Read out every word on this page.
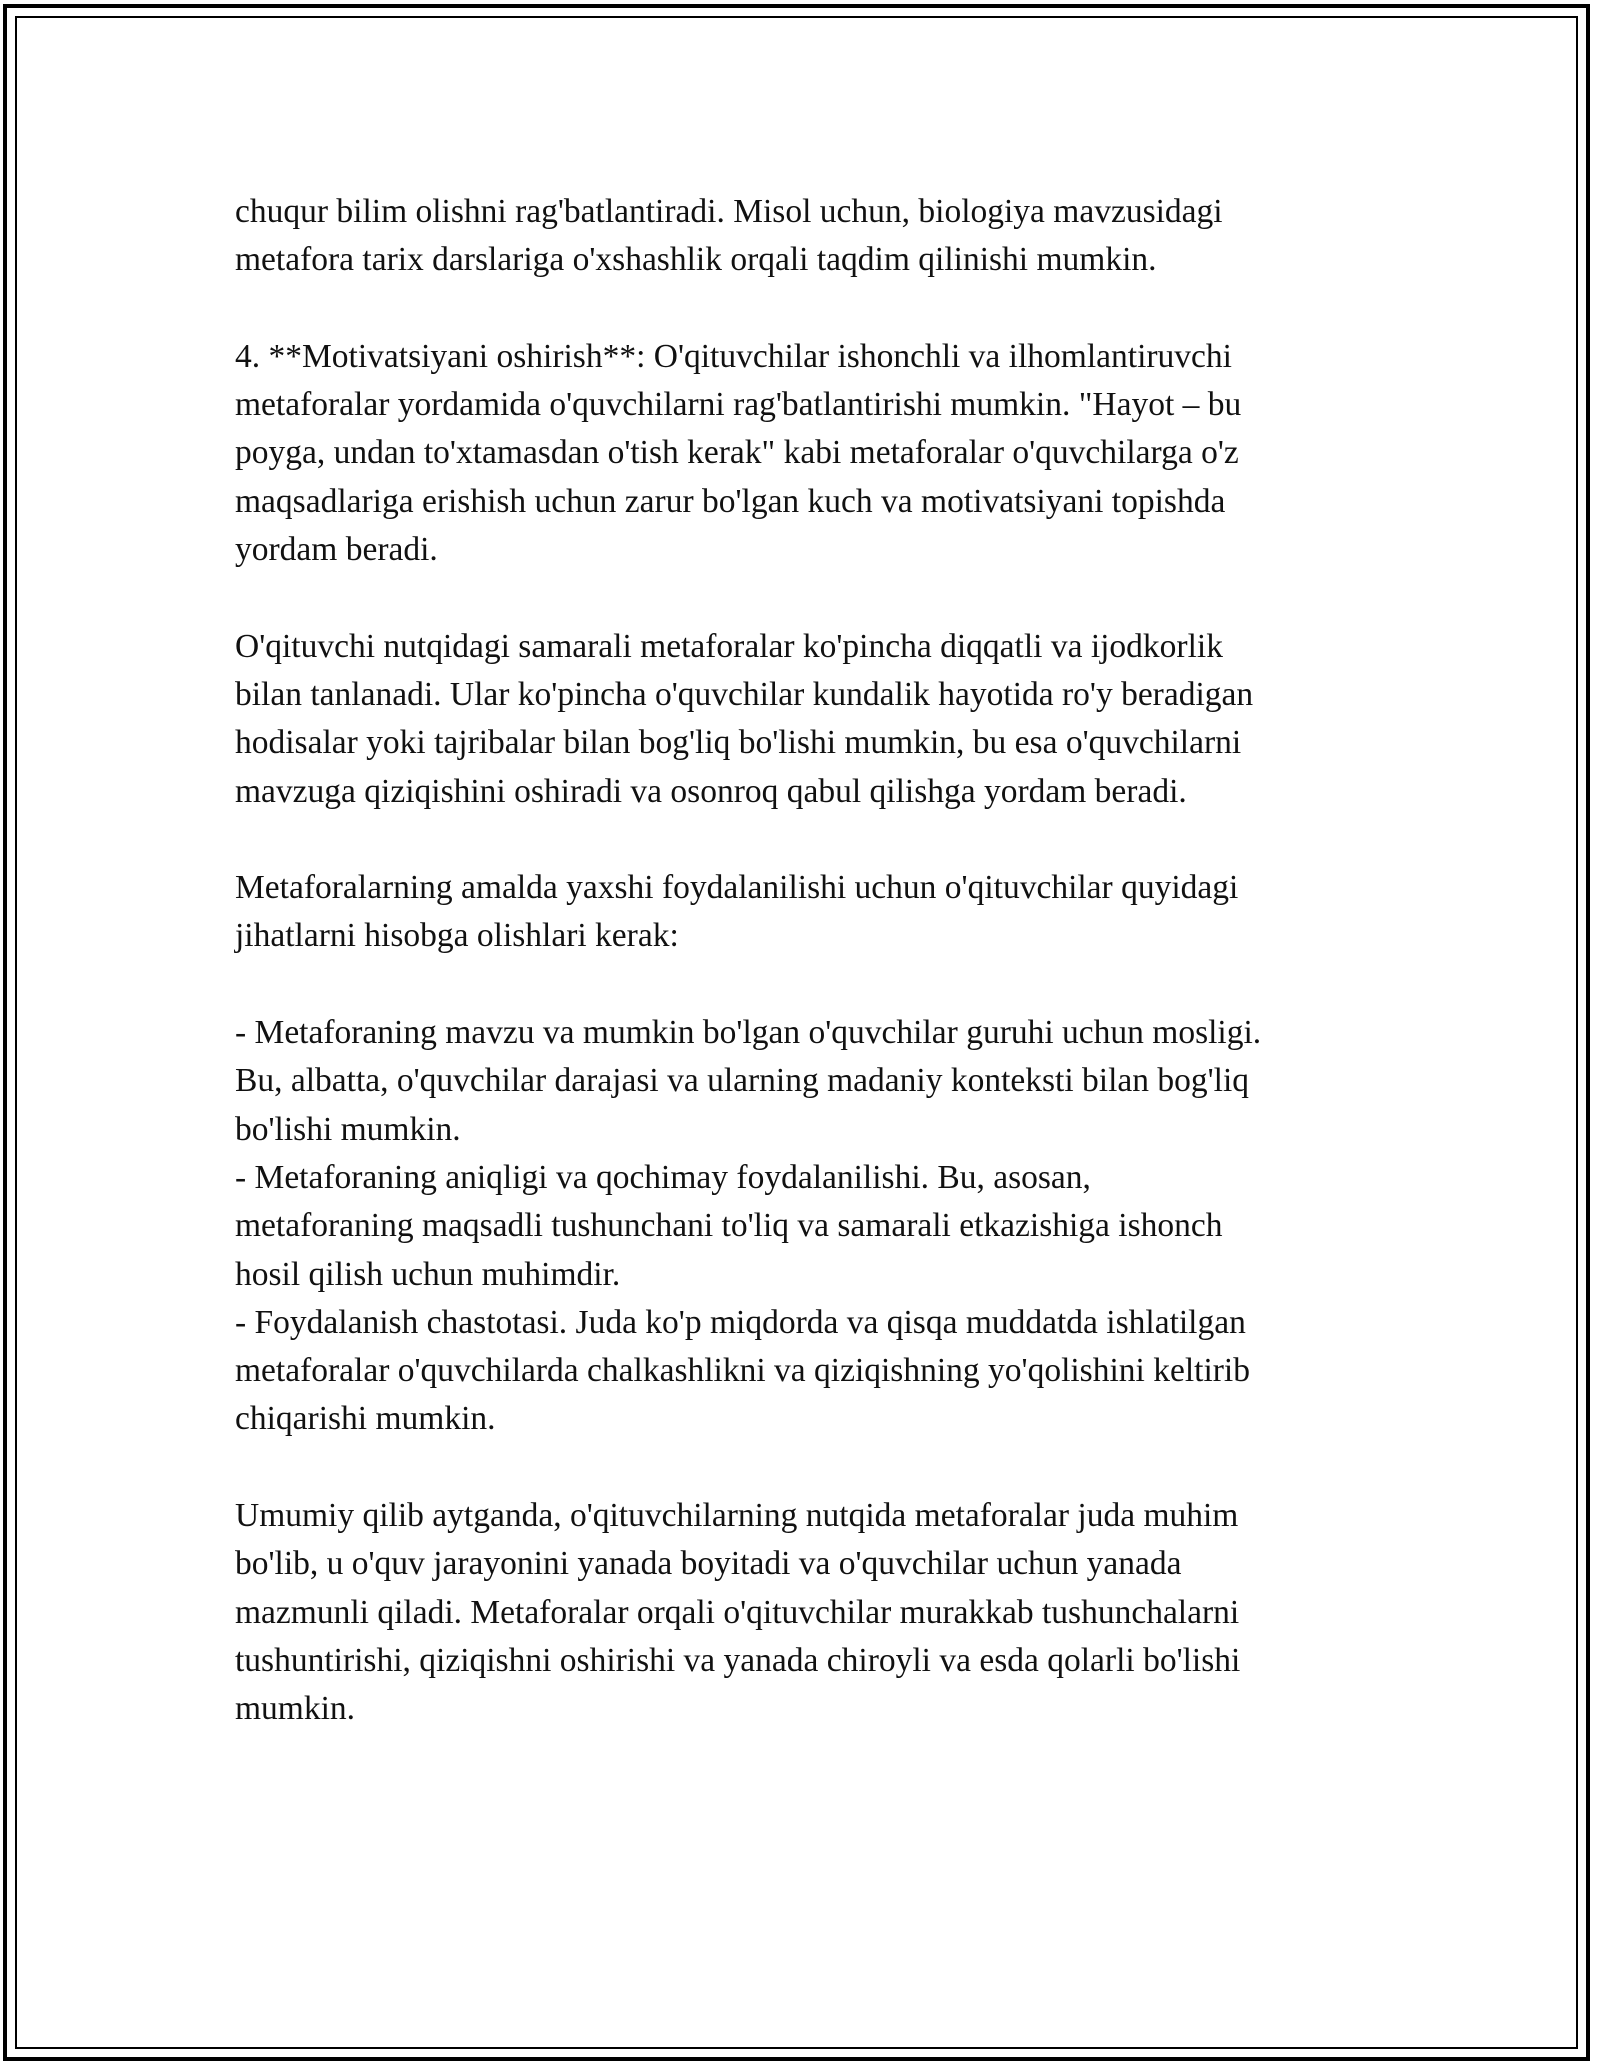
chuqur bilim olishni rag'batlantiradi. Misol uchun, biologiya mavzusidagi
metafora tarix darslariga o'xshashlik orqali taqdim qilinishi mumkin.

4. **Motivatsiyani oshirish**: O'qituvchilar ishonchli va ilhomlantiruvchi
metaforalar yordamida o'quvchilarni rag'batlantirishi mumkin. "Hayot – bu
poyga, undan to'xtamasdan o'tish kerak" kabi metaforalar o'quvchilarga o'z
maqsadlariga erishish uchun zarur bo'lgan kuch va motivatsiyani topishda
yordam beradi.

O'qituvchi nutqidagi samarali metaforalar ko'pincha diqqatli va ijodkorlik
bilan tanlanadi. Ular ko'pincha o'quvchilar kundalik hayotida ro'y beradigan
hodisalar yoki tajribalar bilan bog'liq bo'lishi mumkin, bu esa o'quvchilarni
mavzuga qiziqishini oshiradi va osonroq qabul qilishga yordam beradi.

Metaforalarning amalda yaxshi foydalanilishi uchun o'qituvchilar quyidagi
jihatlarni hisobga olishlari kerak:

- Metaforaning mavzu va mumkin bo'lgan o'quvchilar guruhi uchun mosligi.
Bu, albatta, o'quvchilar darajasi va ularning madaniy konteksti bilan bog'liq
bo'lishi mumkin.

- Metaforaning aniqligi va qochimay foydalanilishi. Bu, asosan,
metaforaning maqsadli tushunchani to'liq va samarali etkazishiga ishonch
hosil qilish uchun muhimdir.

- Foydalanish chastotasi. Juda ko'p miqdorda va qisqa muddatda ishlatilgan
metaforalar o'quvchilarda chalkashlikni va qiziqishning yo'qolishini keltirib
chiqarishi mumkin.

Umumiy qilib aytganda, o'qituvchilarning nutqida metaforalar juda muhim
bo'lib, u o'quv jarayonini yanada boyitadi va o'quvchilar uchun yanada
mazmunli qiladi. Metaforalar orqali o'qituvchilar murakkab tushunchalarni
tushuntirishi, qiziqishni oshirishi va yanada chiroyli va esda qolarli bo'lishi
mumkin.
